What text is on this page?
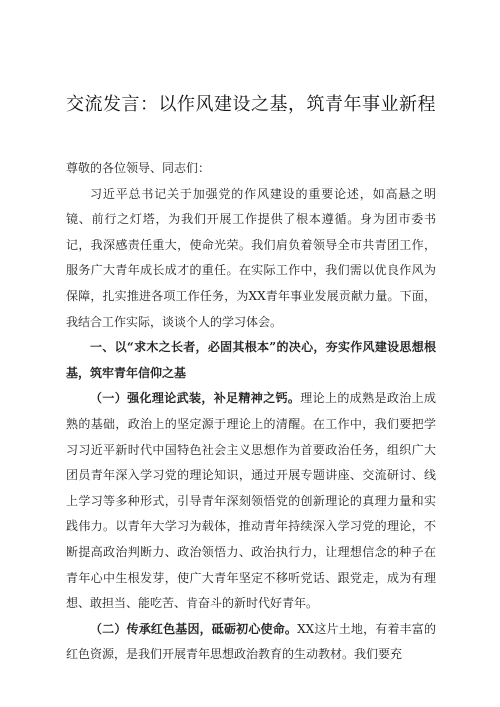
交流发言：以作风建设之基，筑青年事业新程

尊敬的各位领导、同志们：

习近平总书记关于加强党的作风建设的重要论述，如高悬之明镜、前行之灯塔，为我们开展工作提供了根本遵循。身为团市委书记，我深感责任重大，使命光荣。我们肩负着领导全市共青团工作，服务广大青年成长成才的重任。在实际工作中，我们需以优良作风为保障，扎实推进各项工作任务，为XX青年事业发展贡献力量。下面，我结合工作实际，谈谈个人的学习体会。

一、以“求木之长者，必固其根本”的决心，夯实作风建设思想根基，筑牢青年信仰之基

（一）强化理论武装，补足精神之钙。理论上的成熟是政治上成熟的基础，政治上的坚定源于理论上的清醒。在工作中，我们要把学习习近平新时代中国特色社会主义思想作为首要政治任务，组织广大团员青年深入学习党的理论知识，通过开展专题讲座、交流研讨、线上学习等多种形式，引导青年深刻领悟党的创新理论的真理力量和实践伟力。以青年大学习为载体，推动青年持续深入学习党的理论，不断提高政治判断力、政治领悟力、政治执行力，让理想信念的种子在青年心中生根发芽，使广大青年坚定不移听党话、跟党走，成为有理想、敢担当、能吃苦、肯奋斗的新时代好青年。

（二）传承红色基因，砥砺初心使命。XX这片土地，有着丰富的红色资源，是我们开展青年思想政治教育的生动教材。我们要充
